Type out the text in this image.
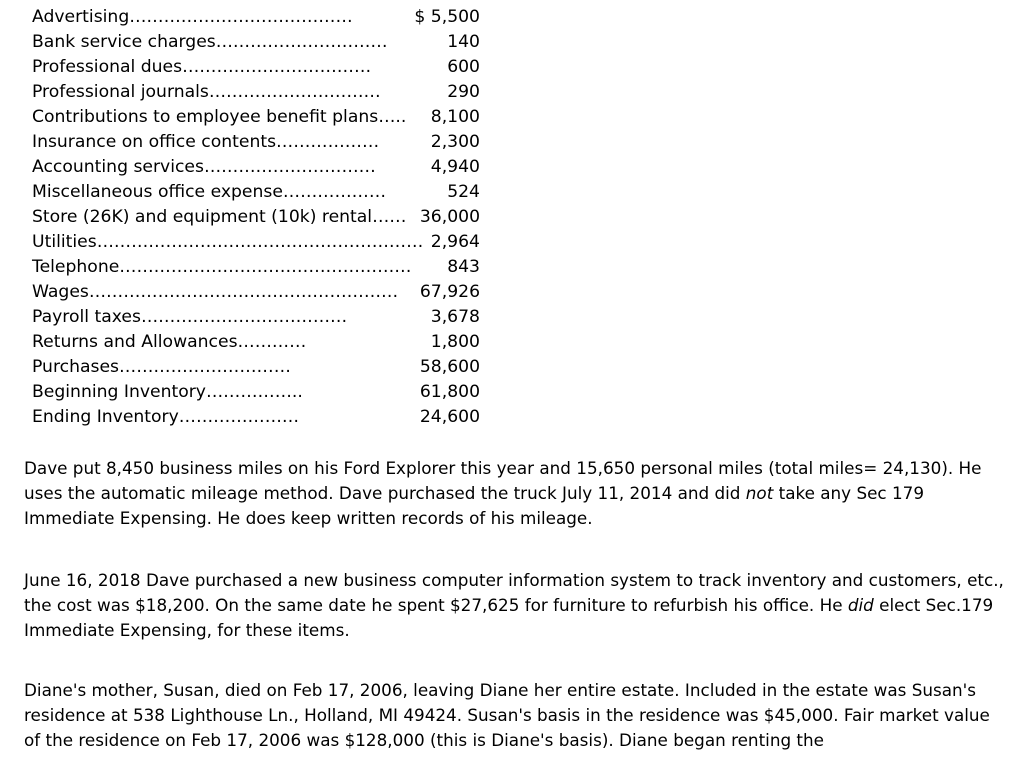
Advertising…………………………………	$ 5,500
Bank service charges…………………………	140
Professional dues……………………………	600
Professional journals…………………………	290
Contributions to employee benefit plans….. 8,100
Insurance on office contents………………	2,300
Accounting services…………………………	4,940
Miscellaneous office expense………………	524
Store (26K) and equipment (10k) rental…… 36,000
Utilities………………………………………………… 2,964
Telephone…………………………………………… 843
Wages……………………………………………… 67,926
Payroll taxes………………………………	3,678
Returns and Allowances…………	1,800
Purchases…………………………	58,600
Beginning Inventory……………..	61,800
Ending Inventory…………………	24,600

Dave put 8,450 business miles on his Ford Explorer this year and 15,650 personal miles (total miles= 24,130). He uses the automatic mileage method. Dave purchased the truck July 11, 2014 and did not take any Sec 179 Immediate Expensing. He does keep written records of his mileage.

June 16, 2018 Dave purchased a new business computer information system to track inventory and customers, etc., the cost was $18,200. On the same date he spent $27,625 for furniture to refurbish his office. He did elect Sec.179 Immediate Expensing, for these items.

Diane's mother, Susan, died on Feb 17, 2006, leaving Diane her entire estate. Included in the estate was Susan's residence at 538 Lighthouse Ln., Holland, MI 49424. Susan's basis in the residence was $45,000. Fair market value of the residence on Feb 17, 2006 was $128,000 (this is Diane's basis). Diane began renting the
